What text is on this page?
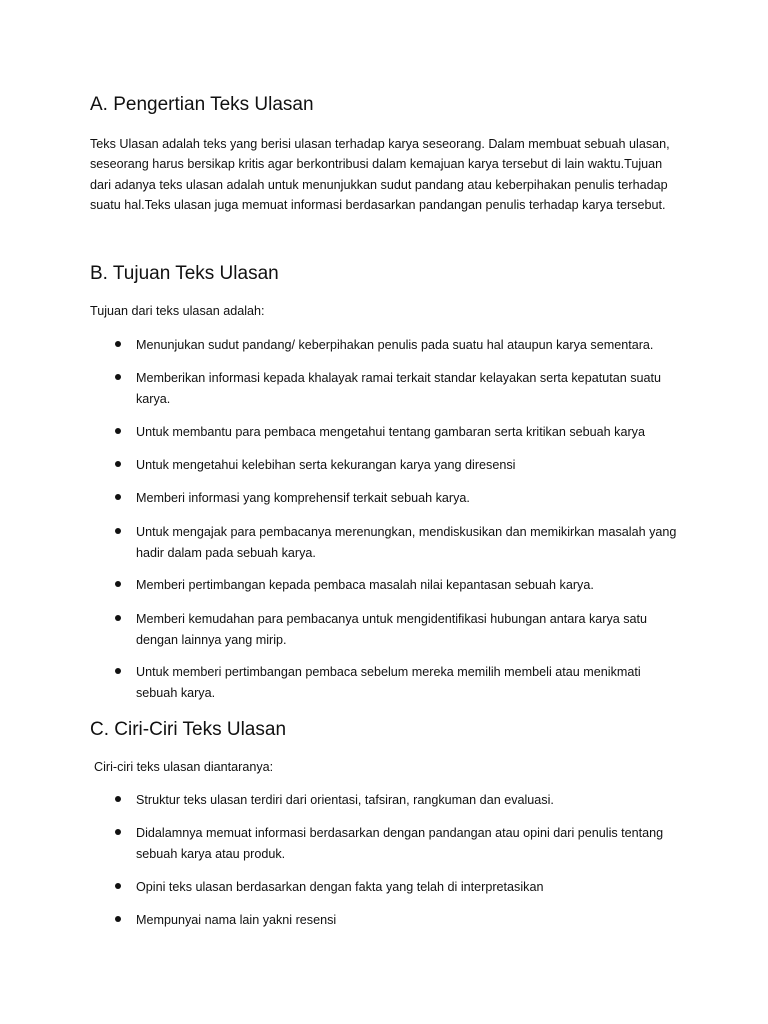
A. Pengertian Teks Ulasan

Teks Ulasan adalah teks yang berisi ulasan terhadap karya seseorang. Dalam membuat sebuah ulasan,
seseorang harus bersikap kritis agar berkontribusi dalam kemajuan karya tersebut di lain waktu.Tujuan
dari adanya teks ulasan adalah untuk menunjukkan sudut pandang atau keberpihakan penulis terhadap
suatu hal.Teks ulasan juga memuat informasi berdasarkan pandangan penulis terhadap karya tersebut.

B. Tujuan Teks Ulasan

Tujuan dari teks ulasan adalah:

Menunjukan sudut pandang/ keberpihakan penulis pada suatu hal ataupun karya sementara.
Memberikan informasi kepada khalayak ramai terkait standar kelayakan serta kepatutan suatu
karya.
Untuk membantu para pembaca mengetahui tentang gambaran serta kritikan sebuah karya
Untuk mengetahui kelebihan serta kekurangan karya yang diresensi
Memberi informasi yang komprehensif terkait sebuah karya.
Untuk mengajak para pembacanya merenungkan, mendiskusikan dan memikirkan masalah yang
hadir dalam pada sebuah karya.
Memberi pertimbangan kepada pembaca masalah nilai kepantasan sebuah karya.
Memberi kemudahan para pembacanya untuk mengidentifikasi hubungan antara karya satu
dengan lainnya yang mirip.
Untuk memberi pertimbangan pembaca sebelum mereka memilih membeli atau menikmati
sebuah karya.
C. Ciri-Ciri Teks Ulasan

Ciri-ciri teks ulasan diantaranya:

Struktur teks ulasan terdiri dari orientasi, tafsiran, rangkuman dan evaluasi.
Didalamnya memuat informasi berdasarkan dengan pandangan atau opini dari penulis tentang
sebuah karya atau produk.
Opini teks ulasan berdasarkan dengan fakta yang telah di interpretasikan
Mempunyai nama lain yakni resensi
